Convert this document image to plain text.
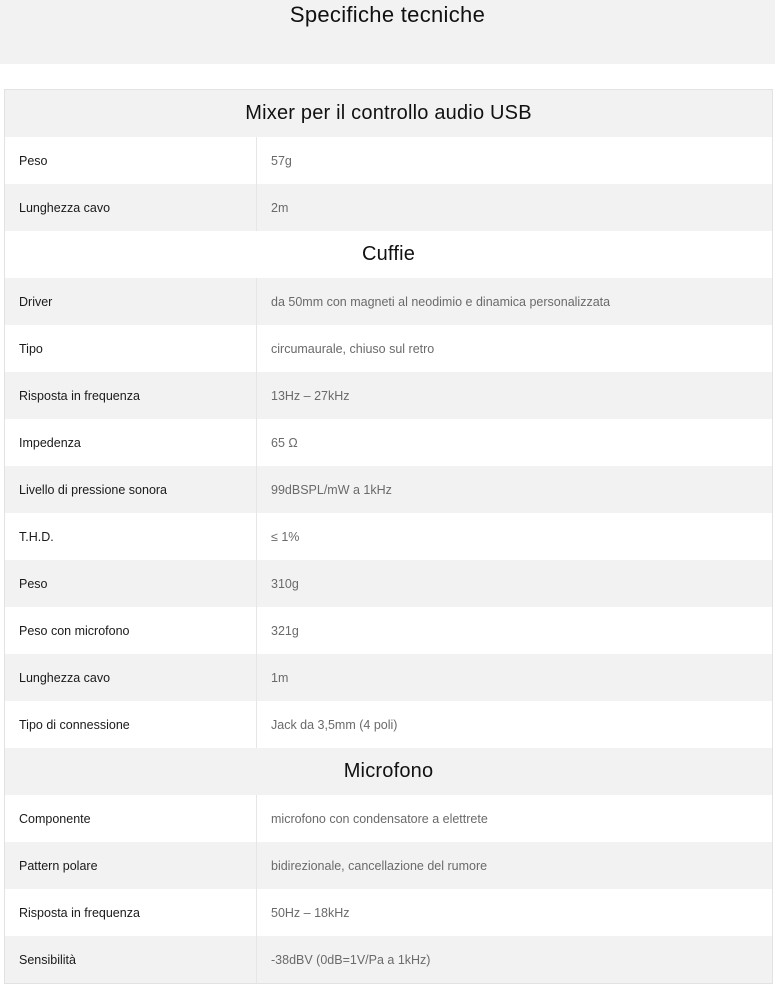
Specifiche tecniche
Mixer per il controllo audio USB
Peso	57g
Lunghezza cavo	2m
Cuffie
Driver	da 50mm con magneti al neodimio e dinamica personalizzata
Tipo	circumaurale, chiuso sul retro
Risposta in frequenza	13Hz – 27kHz
Impedenza	65 Ω
Livello di pressione sonora	99dBSPL/mW a 1kHz
T.H.D.	≤ 1%
Peso	310g
Peso con microfono	321g
Lunghezza cavo	1m
Tipo di connessione	Jack da 3,5mm (4 poli)
Microfono
Componente	microfono con condensatore a elettrete
Pattern polare	bidirezionale, cancellazione del rumore
Risposta in frequenza	50Hz – 18kHz
Sensibilità	-38dBV (0dB=1V/Pa a 1kHz)
